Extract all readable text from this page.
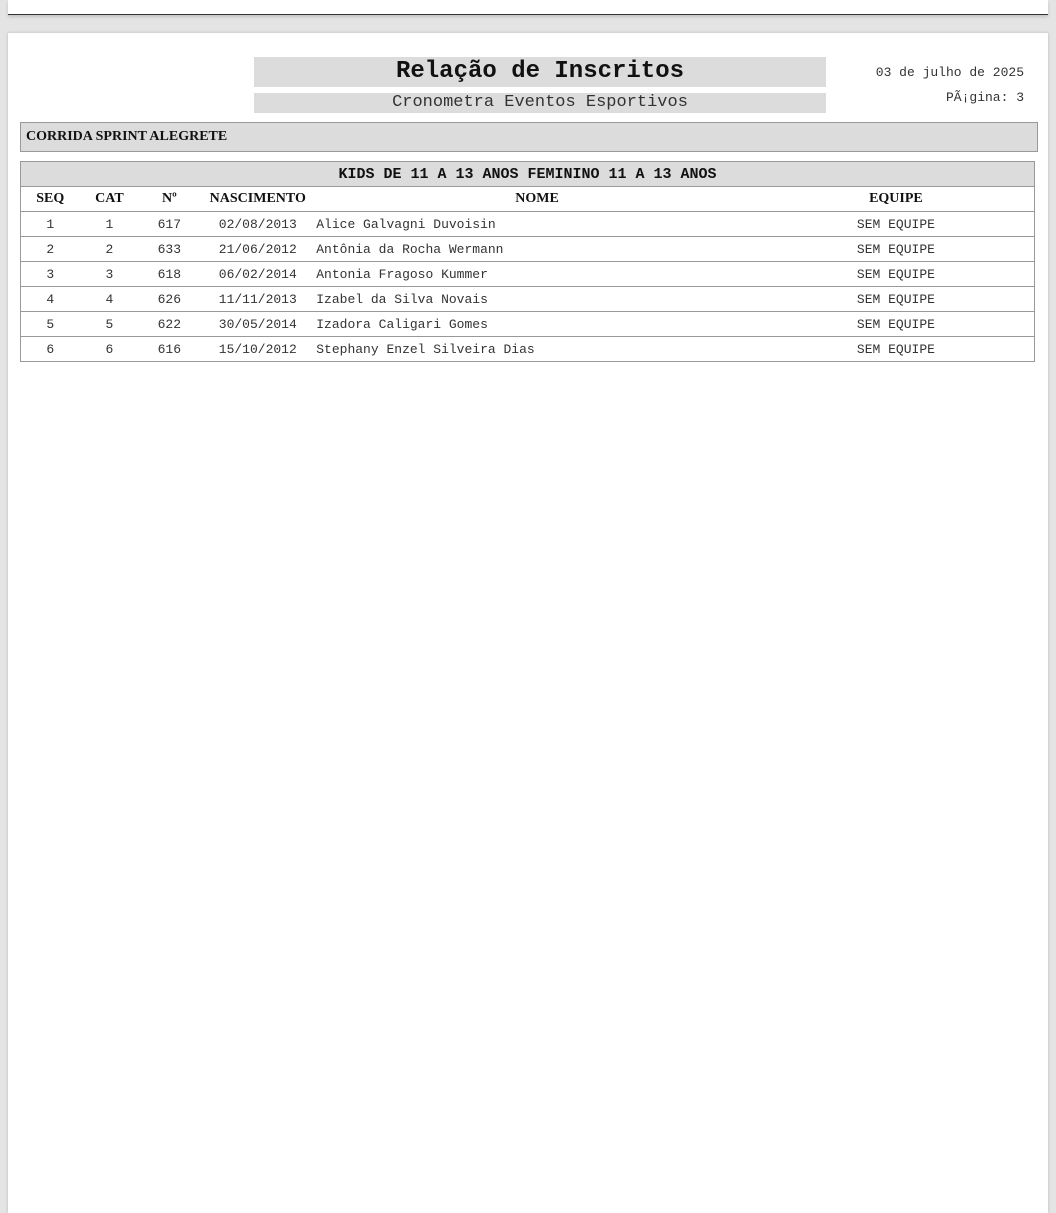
Relação de Inscritos
Cronometra Eventos Esportivos
03 de julho de 2025
PÃ¡gina: 3
CORRIDA SPRINT ALEGRETE
KIDS DE 11 A 13 ANOS FEMININO 11 A 13 ANOS					
SEQ	CAT	Nº	NASCIMENTO	NOME	EQUIPE
1	1	617	02/08/2013	Alice Galvagni Duvoisin	SEM EQUIPE
2	2	633	21/06/2012	Antônia da Rocha Wermann	SEM EQUIPE
3	3	618	06/02/2014	Antonia Fragoso Kummer	SEM EQUIPE
4	4	626	11/11/2013	Izabel da Silva Novais	SEM EQUIPE
5	5	622	30/05/2014	Izadora Caligari Gomes	SEM EQUIPE
6	6	616	15/10/2012	Stephany Enzel Silveira Dias	SEM EQUIPE
